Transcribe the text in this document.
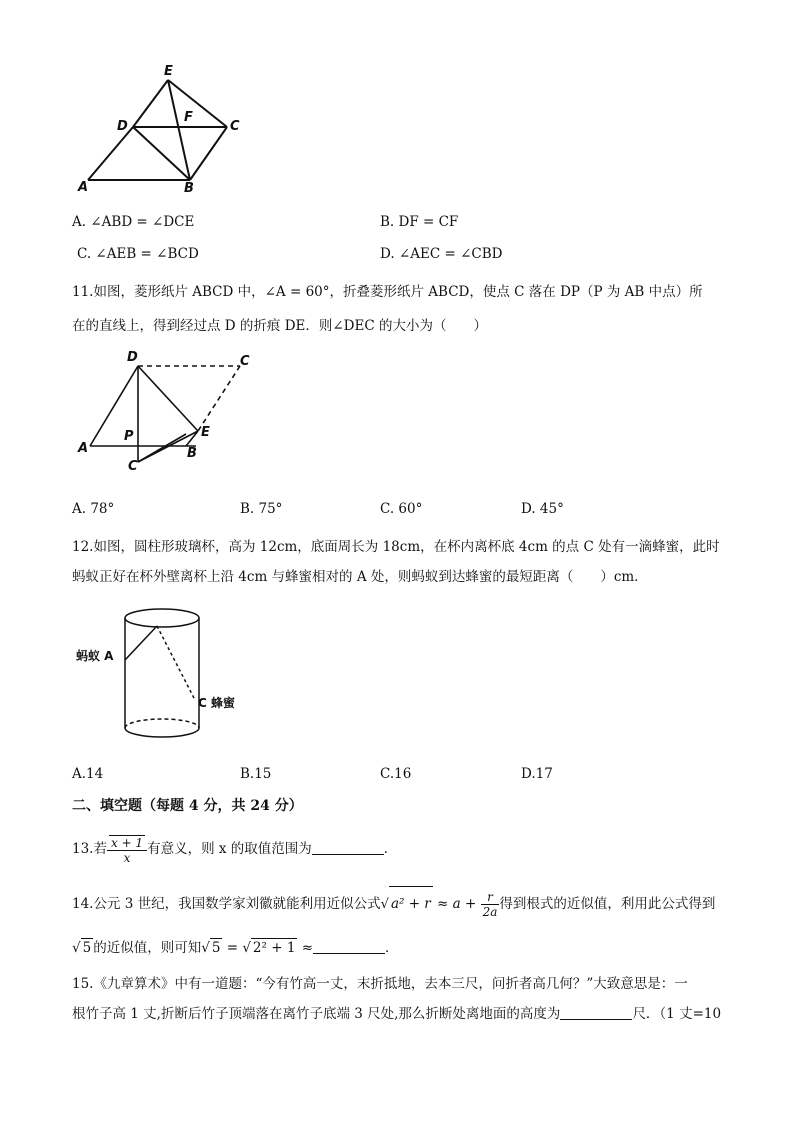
E
D
F
C
A	B
A. ∠ABD = ∠DCE	B. DF = CF
C. ∠AEB = ∠BCD	D. ∠AEC = ∠CBD
11.如图，菱形纸片 ABCD 中，∠A = 60°，折叠菱形纸片 ABCD，使点 C 落在 DP（P 为 AB 中点）所
在的直线上，得到经过点 D 的折痕 DE．则∠DEC 的大小为（　　）
D	C
A
P	E
B
C′
A. 78°	B. 75°	C. 60°	D. 45°
12.如图，圆柱形玻璃杯，高为 12cm，底面周长为 18cm，在杯内离杯底 4cm 的点 C 处有一滴蜂蜜，此时
蚂蚁正好在杯外壁离杯上沿 4cm 与蜂蜜相对的 A 处，则蚂蚁到达蜂蜜的最短距离（　　）cm．
蚂蚁 A
C 蜂蜜
A.14	B.15	C.16	D.17
二、填空题（每题 4 分，共 24 分）
13.若 $\frac{x + 1}{x}$ 有意义，则 x 的取值范围为	．
14.公元 3 世纪，我国数学家刘徽就能利用近似公式√ $a^2 + r \approx a + \frac{r}{2a}$ 得到根式的近似值，利用此公式得到
√ 5 的近似值，则可知√ 5 = √ 2² + 1 ≈	．
15.《九章算术》中有一道题：“今有竹高一丈，末折抵地，去本三尺，问折者高几何？”大致意思是：一
根竹子高 1 丈,折断后竹子顶端落在离竹子底端 3 尺处,那么折断处离地面的高度为	尺．（1 丈=10
